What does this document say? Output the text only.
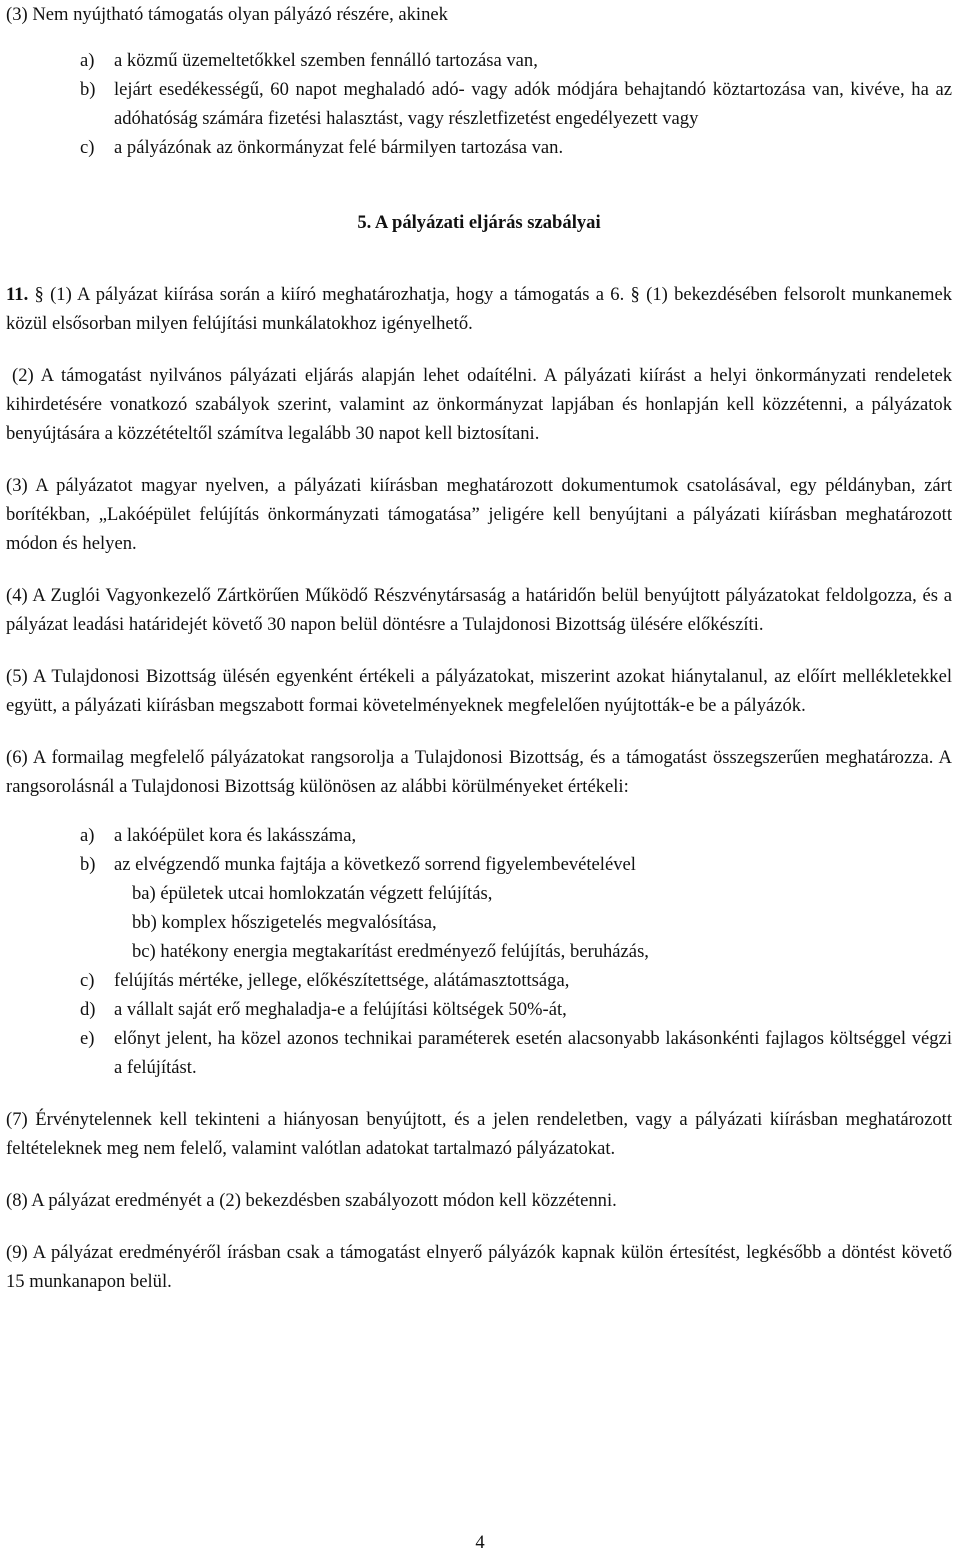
(3) Nem nyújtható támogatás olyan pályázó részére, akinek

a)	a közmű üzemeltetőkkel szemben fennálló tartozása van,
b) lejárt esedékességű, 60 napot meghaladó adó- vagy adók módjára behajtandó köztartozása van, kivéve, ha az adóhatóság számára fizetési halasztást, vagy részletfizetést engedélyezett vagy
c)	a pályázónak az önkormányzat felé bármilyen tartozása van.

5. A pályázati eljárás szabályai

11. § (1) A pályázat kiírása során a kiíró meghatározhatja, hogy a támogatás a 6. § (1) bekezdésében felsorolt munkanemek közül elsősorban milyen felújítási munkálatokhoz igényelhető.

(2) A támogatást nyilvános pályázati eljárás alapján lehet odaítélni. A pályázati kiírást a helyi önkormányzati rendeletek kihirdetésére vonatkozó szabályok szerint, valamint az önkormányzat lapjában és honlapján kell közzétenni, a pályázatok benyújtására a közzétételtől számítva legalább 30 napot kell biztosítani.

(3) A pályázatot magyar nyelven, a pályázati kiírásban meghatározott dokumentumok csatolásával, egy példányban, zárt borítékban, „Lakóépület felújítás önkormányzati támogatása” jeligére kell benyújtani a pályázati kiírásban meghatározott módon és helyen.

(4) A Zuglói Vagyonkezelő Zártkörűen Működő Részvénytársaság a határidőn belül benyújtott pályázatokat feldolgozza, és a pályázat leadási határidejét követő 30 napon belül döntésre a Tulajdonosi Bizottság ülésére előkészíti.

(5) A Tulajdonosi Bizottság ülésén egyenként értékeli a pályázatokat, miszerint azokat hiánytalanul, az előírt mellékletekkel együtt, a pályázati kiírásban megszabott formai követelményeknek megfelelően nyújtották-e be a pályázók.

(6) A formailag megfelelő pályázatokat rangsorolja a Tulajdonosi Bizottság, és a támogatást összegszerűen meghatározza. A rangsorolásnál a Tulajdonosi Bizottság különösen az alábbi körülményeket értékeli:

a)	a lakóépület kora és lakásszáma,
b) az elvégzendő munka fajtája a következő sorrend figyelembevételével

ba) épületek utcai homlokzatán végzett felújítás,

bb) komplex hőszigetelés megvalósítása,

bc) hatékony energia megtakarítást eredményező felújítás, beruházás,

c)	felújítás mértéke, jellege, előkészítettsége, alátámasztottsága,
d) a vállalt saját erő meghaladja-e a felújítási költségek 50%-át,
e)	előnyt jelent, ha közel azonos technikai paraméterek esetén alacsonyabb lakásonkénti fajlagos költséggel végzi a felújítást.

(7) Érvénytelennek kell tekinteni a hiányosan benyújtott, és a jelen rendeletben, vagy a pályázati kiírásban meghatározott feltételeknek meg nem felelő, valamint valótlan adatokat tartalmazó pályázatokat.

(8) A pályázat eredményét a (2) bekezdésben szabályozott módon kell közzétenni.

(9) A pályázat eredményéről írásban csak a támogatást elnyerő pályázók kapnak külön értesítést, legkésőbb a döntést követő 15 munkanapon belül.

4
